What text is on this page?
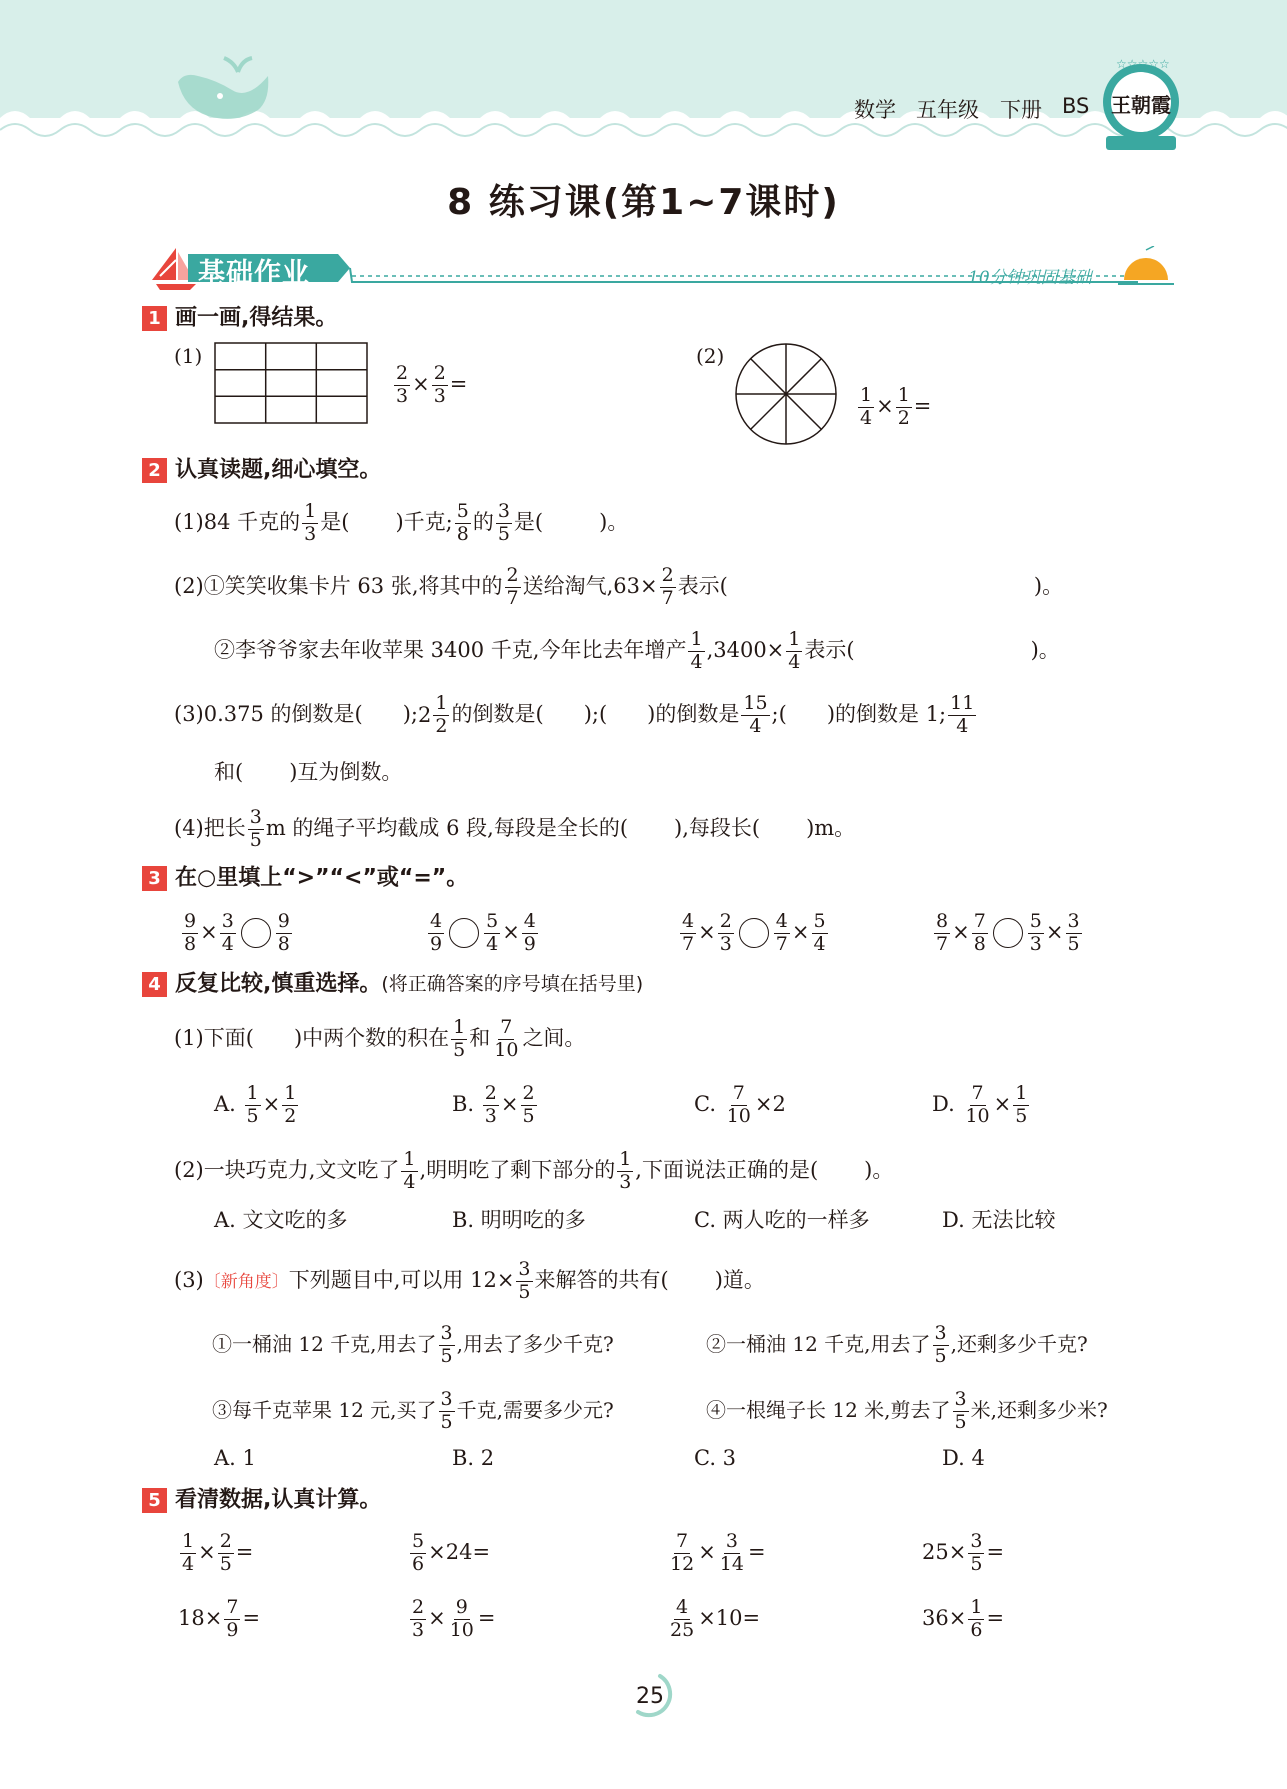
数学 五年级 下册 BS
☆☆☆☆☆
王朝霞
8 练习课(第1~7课时)
基础作业	10分钟巩固基础
1 画一画,得结果。
(1)
$\frac{2}{3} \times \frac{2}{3}$ =
(2)
$\frac{1}{4} \times \frac{1}{2}$ =
2 认真读题,细心填空。
(1)84 千克的 $\frac{1}{3}$ 是( )千克; $\frac{5}{8}$ 的 $\frac{3}{5}$ 是(	)。
(2)①笑笑收集卡片 63 张,将其中的 $\frac{2}{7}$ 送给淘气$,63\times \frac{2}{7}$ 表示(	)。
②李爷爷家去年收苹果 3400 千克,今年比去年增产 $\frac{1}{4} ,3400\times \frac{1}{4}$ 表示(	)。
(3)0.375 的倒数是( ); $2 \frac{1}{2}$ 的倒数是( );( )的倒数是 $\frac{15}{4}$ ;( )的倒数是 1; $\frac{11}{4}$
和( )互为倒数。
(4)把长 $\frac{3}{5}$ m 的绳子平均截成 6 段,每段是全长的( ),每段长( )m。
3 在○里填上“>”“<”或“=”。
$\frac{9}{8} \times \frac{3}{4} \frac{9}{8}$	$\frac{4}{9} \frac{5}{4} \times \frac{4}{9}$	$\frac{4}{7} \times \frac{2}{3} \frac{4}{7} \times \frac{5}{4}$	$\frac{8}{7} \times \frac{7}{8} \frac{5}{3} \times \frac{3}{5}$
4 反复比较,慎重选择。(将正确答案的序号填在括号里)
(1)下面( )中两个数的积在 $\frac{1}{5}$ 和 $\frac{7}{10}$ 之间。
A. $\frac{1}{5} \times \frac{1}{2}$	B. $\frac{2}{3} \times \frac{2}{5}$	C. $\frac{7}{10} \times 2$	D. $\frac{7}{10} \times \frac{1}{5}$
(2)一块巧克力,文文吃了 $\frac{1}{4}$ ,明明吃了剩下部分的 $\frac{1}{3}$ ,下面说法正确的是( )。
A. 文文吃的多	B. 明明吃的多	C. 两人吃的一样多	D. 无法比较
(3)〔新角度〕下列题目中,可以用 $12\times \frac{3}{5}$ 来解答的共有( )道。
①一桶油 12 千克,用去了 $\frac{3}{5}$ ,用去了多少千克?	②一桶油 12 千克,用去了 $\frac{3}{5}$ ,还剩多少千克?
③每千克苹果 12 元,买了 $\frac{3}{5}$ 千克,需要多少元?	④一根绳子长 12 米,剪去了 $\frac{3}{5}$ 米,还剩多少米?
A. 1	B. 2	C. 3	D. 4
5 看清数据,认真计算。
$\frac{1}{4} \times \frac{2}{5}$ =	$\frac{5}{6} \times 24=$	$\frac{7}{12} \times \frac{3}{14}$ =	$25\times \frac{3}{5}$ =
$18\times \frac{7}{9}$ =	$\frac{2}{3} \times \frac{9}{10}$ =	$\frac{4}{25} \times 10=$	$36\times \frac{1}{6}$ =
25
